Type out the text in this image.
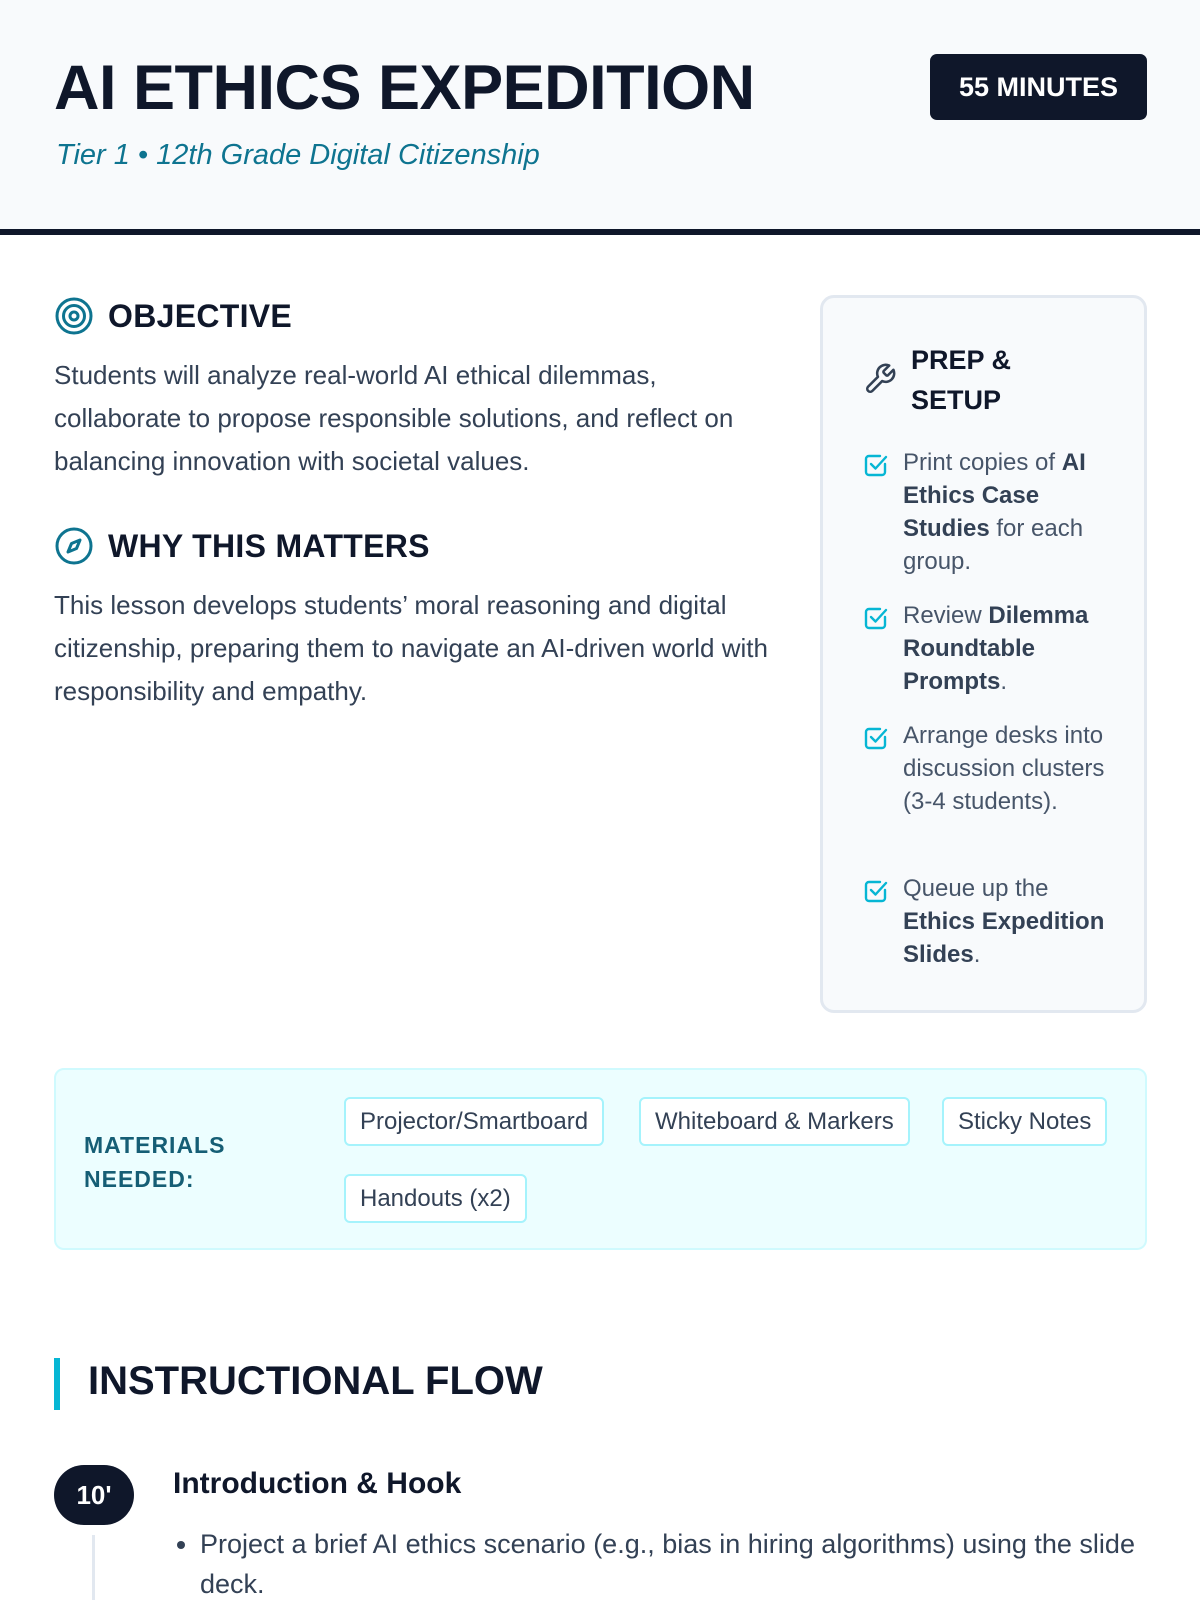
AI ETHICS EXPEDITION
Tier 1 • 12th Grade Digital Citizenship
55 MINUTES
OBJECTIVE

Students will analyze real-world AI ethical dilemmas, collaborate to propose responsible solutions, and reflect on balancing innovation with societal values.

WHY THIS MATTERS

This lesson develops students’ moral reasoning and digital citizenship, preparing them to navigate an AI-driven world with responsibility and empathy.

PREP & SETUP
Print copies of AI Ethics Case Studies for each group.
Review Dilemma Roundtable Prompts.
Arrange desks into discussion clusters (3-4 students).
Queue up the Ethics Expedition Slides.
MATERIALS NEEDED:
Projector/Smartboard	Whiteboard & Markers	Sticky Notes
Handouts (x2)
INSTRUCTIONAL FLOW
10'	Introduction & Hook
• Project a brief AI ethics scenario (e.g., bias in hiring algorithms) using the slide deck.
